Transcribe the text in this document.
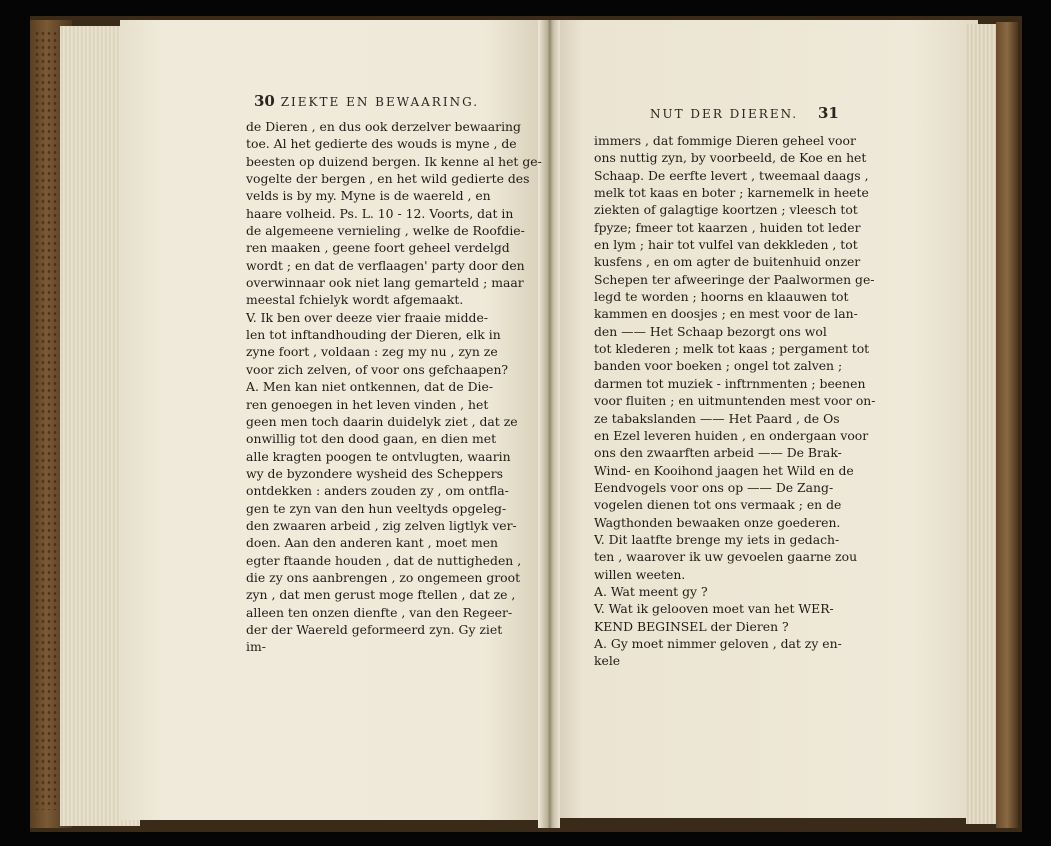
30 ZIEKTE EN BEWAARING.
NUT DER DIEREN. 31
de Dieren , en dus ook derzelver bewaaring
toe. Al het gedierte des wouds is myne , de
beesten op duizend bergen. Ik kenne al het ge-
vogelte der bergen , en het wild gedierte des
velds is by my. Myne is de waereld , en
haare volheid. Ps. L. 10 - 12. Voorts, dat in
de algemeene vernieling , welke de Roofdie-
ren maaken , geene foort geheel verdelgd
wordt ; en dat de verflaagen' party door den
overwinnaar ook niet lang gemarteld ; maar
meestal fchielyk wordt afgemaakt.
V. Ik ben over deeze vier fraaie midde-
len tot inftandhouding der Dieren, elk in
zyne foort , voldaan : zeg my nu , zyn ze
voor zich zelven, of voor ons gefchaapen?
A. Men kan niet ontkennen, dat de Die-
ren genoegen in het leven vinden , het
geen men toch daarin duidelyk ziet , dat ze
onwillig tot den dood gaan, en dien met
alle kragten poogen te ontvlugten, waarin
wy de byzondere wysheid des Scheppers
ontdekken : anders zouden zy , om ontfla-
gen te zyn van den hun veeltyds opgeleg-
den zwaaren arbeid , zig zelven ligtlyk ver-
doen. Aan den anderen kant , moet men
egter ftaande houden , dat de nuttigheden ,
die zy ons aanbrengen , zo ongemeen groot
zyn , dat men gerust moge ftellen , dat ze ,
alleen ten onzen dienfte , van den Regeer-
der der Waereld geformeerd zyn. Gy ziet
im-
immers , dat fommige Dieren geheel voor
ons nuttig zyn, by voorbeeld, de Koe en het
Schaap. De eerfte levert , tweemaal daags ,
melk tot kaas en boter ; karnemelk in heete
ziekten of galagtige koortzen ; vleesch tot
fpyze; fmeer tot kaarzen , huiden tot leder
en lym ; hair tot vulfel van dekkleden , tot
kusfens , en om agter de buitenhuid onzer
Schepen ter afweeringe der Paalwormen ge-
legd te worden ; hoorns en klaauwen tot
kammen en doosjes ; en mest voor de lan-
den —— Het Schaap bezorgt ons wol
tot klederen ; melk tot kaas ; pergament tot
banden voor boeken ; ongel tot zalven ;
darmen tot muziek - inftrnmenten ; beenen
voor fluiten ; en uitmuntenden mest voor on-
ze tabakslanden —— Het Paard , de Os
en Ezel leveren huiden , en ondergaan voor
ons den zwaarften arbeid —— De Brak-
Wind- en Kooihond jaagen het Wild en de
Eendvogels voor ons op —— De Zang-
vogelen dienen tot ons vermaak ; en de
Wagthonden bewaaken onze goederen.
V. Dit laatfte brenge my iets in gedach-
ten , waarover ik uw gevoelen gaarne zou
willen weeten.
A. Wat meent gy ?
V. Wat ik gelooven moet van het WER-
KEND BEGINSEL der Dieren ?
A. Gy moet nimmer geloven , dat zy en-
kele
